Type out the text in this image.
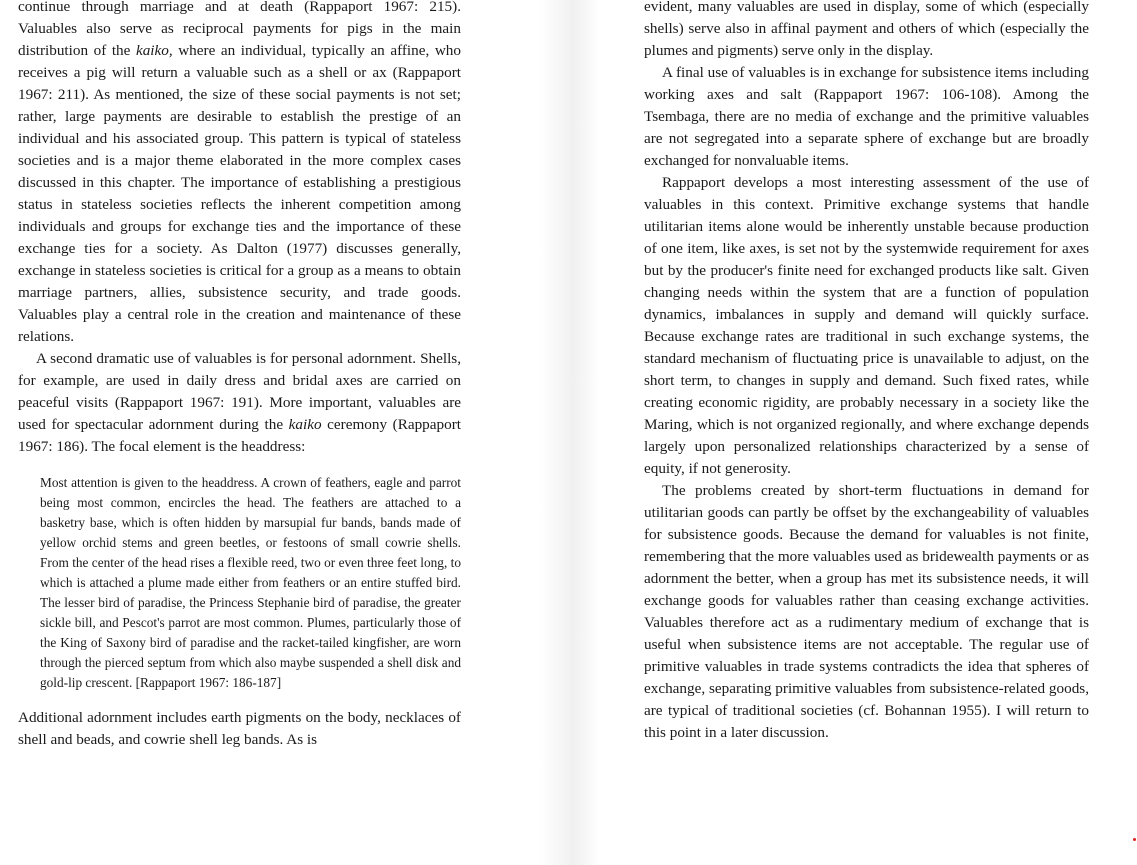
continue through marriage and at death (Rappaport 1967: 215). Valuables also serve as reciprocal payments for pigs in the main distribution of the kaiko, where an individual, typically an affine, who receives a pig will return a valuable such as a shell or ax (Rappaport 1967: 211). As mentioned, the size of these social payments is not set; rather, large payments are desirable to establish the prestige of an individual and his associated group. This pattern is typical of stateless societies and is a major theme elaborated in the more complex cases discussed in this chapter. The importance of establishing a prestigious status in stateless societies reflects the inherent competition among individuals and groups for exchange ties and the importance of these exchange ties for a society. As Dalton (1977) discusses generally, exchange in stateless societies is critical for a group as a means to obtain marriage partners, allies, subsistence security, and trade goods. Valuables play a central role in the creation and maintenance of these relations.

A second dramatic use of valuables is for personal adornment. Shells, for example, are used in daily dress and bridal axes are carried on peaceful visits (Rappaport 1967: 191). More important, valuables are used for spectacular adornment during the kaiko ceremony (Rappaport 1967: 186). The focal element is the headdress:

Most attention is given to the headdress. A crown of feathers, eagle and parrot being most common, encircles the head. The feathers are attached to a basketry base, which is often hidden by marsupial fur bands, bands made of yellow orchid stems and green beetles, or festoons of small cowrie shells. From the center of the head rises a flexible reed, two or even three feet long, to which is attached a plume made either from feathers or an entire stuffed bird. The lesser bird of paradise, the Princess Stephanie bird of paradise, the greater sickle bill, and Pescot's parrot are most common. Plumes, particularly those of the King of Saxony bird of paradise and the racket-tailed kingfisher, are worn through the pierced septum from which also maybe suspended a shell disk and gold-lip crescent. [Rappaport 1967: 186-187]

Additional adornment includes earth pigments on the body, necklaces of shell and beads, and cowrie shell leg bands. As is

evident, many valuables are used in display, some of which (especially shells) serve also in affinal payment and others of which (especially the plumes and pigments) serve only in the display.

A final use of valuables is in exchange for subsistence items including working axes and salt (Rappaport 1967: 106-108). Among the Tsembaga, there are no media of exchange and the primitive valuables are not segregated into a separate sphere of exchange but are broadly exchanged for nonvaluable items.

Rappaport develops a most interesting assessment of the use of valuables in this context. Primitive exchange systems that handle utilitarian items alone would be inherently unstable because production of one item, like axes, is set not by the systemwide requirement for axes but by the producer's finite need for exchanged products like salt. Given changing needs within the system that are a function of population dynamics, imbalances in supply and demand will quickly surface. Because exchange rates are traditional in such exchange systems, the standard mechanism of fluctuating price is unavailable to adjust, on the short term, to changes in supply and demand. Such fixed rates, while creating economic rigidity, are probably necessary in a society like the Maring, which is not organized regionally, and where exchange depends largely upon personalized relationships characterized by a sense of equity, if not generosity.

The problems created by short-term fluctuations in demand for utilitarian goods can partly be offset by the exchangeability of valuables for subsistence goods. Because the demand for valuables is not finite, remembering that the more valuables used as bridewealth payments or as adornment the better, when a group has met its subsistence needs, it will exchange goods for valuables rather than ceasing exchange activities. Valuables therefore act as a rudimentary medium of exchange that is useful when subsistence items are not acceptable. The regular use of primitive valuables in trade systems contradicts the idea that spheres of exchange, separating primitive valuables from subsistence-related goods, are typical of traditional societies (cf. Bohannan 1955). I will return to this point in a later discussion.
